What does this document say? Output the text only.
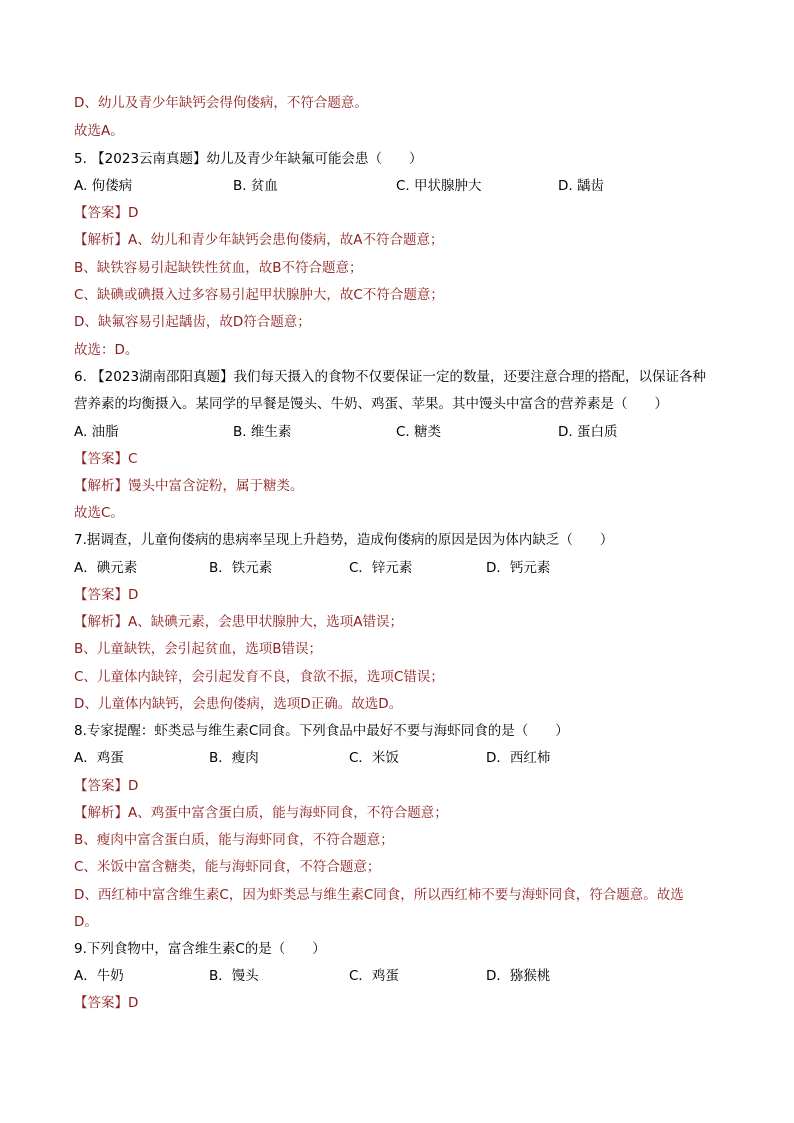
D、幼儿及青少年缺钙会得佝偻病，不符合题意。
故选A。
5. 【2023云南真题】幼儿及青少年缺氟可能会患（　　）
A. 佝偻病	B. 贫血	C. 甲状腺肿大	D. 龋齿
【答案】D
【解析】A、幼儿和青少年缺钙会患佝偻病，故A不符合题意；
B、缺铁容易引起缺铁性贫血，故B不符合题意；
C、缺碘或碘摄入过多容易引起甲状腺肿大，故C不符合题意；
D、缺氟容易引起龋齿，故D符合题意；
故选：D。
6. 【2023湖南邵阳真题】我们每天摄入的食物不仅要保证一定的数量，还要注意合理的搭配，以保证各种
营养素的均衡摄入。某同学的早餐是馒头、牛奶、鸡蛋、苹果。其中馒头中富含的营养素是（　　）
A. 油脂	B. 维生素	C. 糖类	D. 蛋白质
【答案】C
【解析】馒头中富含淀粉，属于糖类。
故选C。
7.据调查，儿童佝偻病的患病率呈现上升趋势，造成佝偻病的原因是因为体内缺乏（　　）
A．碘元素	B．铁元素	C．锌元素	D．钙元素
【答案】D
【解析】A、缺碘元素，会患甲状腺肿大，选项A错误；
B、儿童缺铁，会引起贫血，选项B错误；
C、儿童体内缺锌，会引起发育不良，食欲不振，选项C错误；
D、儿童体内缺钙，会患佝偻病，选项D正确。故选D。
8.专家提醒：虾类忌与维生素C同食。下列食品中最好不要与海虾同食的是（　　）
A．鸡蛋	B．瘦肉	C．米饭	D．西红柿
【答案】D
【解析】A、鸡蛋中富含蛋白质，能与海虾同食，不符合题意；
B、瘦肉中富含蛋白质，能与海虾同食，不符合题意；
C、米饭中富含糖类，能与海虾同食，不符合题意；
D、西红柿中富含维生素C，因为虾类忌与维生素C同食，所以西红柿不要与海虾同食，符合题意。故选
D。
9.下列食物中，富含维生素C的是（　　）
A．牛奶	B．馒头	C．鸡蛋	D．猕猴桃
【答案】D
